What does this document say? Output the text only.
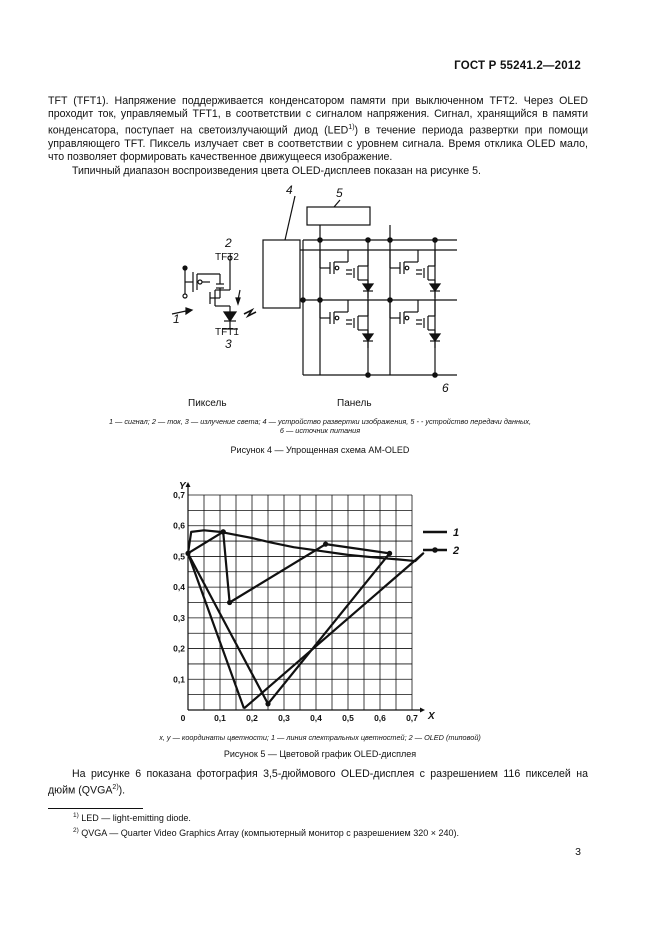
ГОСТ Р 55241.2—2012

TFT (TFT1). Напряжение поддерживается конденсатором памяти при выключенном TFT2. Через OLED проходит ток, управляемый TFT1, в соответствии с сигналом напряжения. Сигнал, хранящийся в памяти конденсатора, поступает на светоизлучающий диод (LED$^{1)}$) в течение периода развертки при помощи управляющего TFT. Пиксель излучает свет в соответствии с уровнем сигнала. Время отклика OLED мало, что позволяет формировать качественное движущееся изображение.

Типичный диапазон воспроизведения цвета OLED-дисплеев показан на рисунке 5.

1
2
TFT2
TFT1
3
4	5
6
Пиксель	Панель
1 — сигнал; 2 — ток, 3 — излучение света; 4 — устройство развертки изображения, 5 - - устройство передачи данных,
6 — источник питания
Рисунок 4 — Упрощенная схема AM-OLED
0	0,1 0,2 0,3 0,4 0,5 0,6 0,7
0,1
0,2
0,3
0,4
0,5
0,6
0,7
X
Y
1
2
x, y — координаты цветности; 1 — линия спектральных цветностей; 2 — OLED (типовой)
Рисунок 5 — Цветовой график OLED-дисплея
На рисунке 6 показана фотография 3,5-дюймового OLED-дисплея с разрешением 116 пикселей на дюйм (QVGA$^{2)}$).
$^{1)}$ LED — light-emitting diode.
$^{2)}$ QVGA — Quarter Video Graphics Array (компьютерный монитор с разрешением 320 × 240).
3
